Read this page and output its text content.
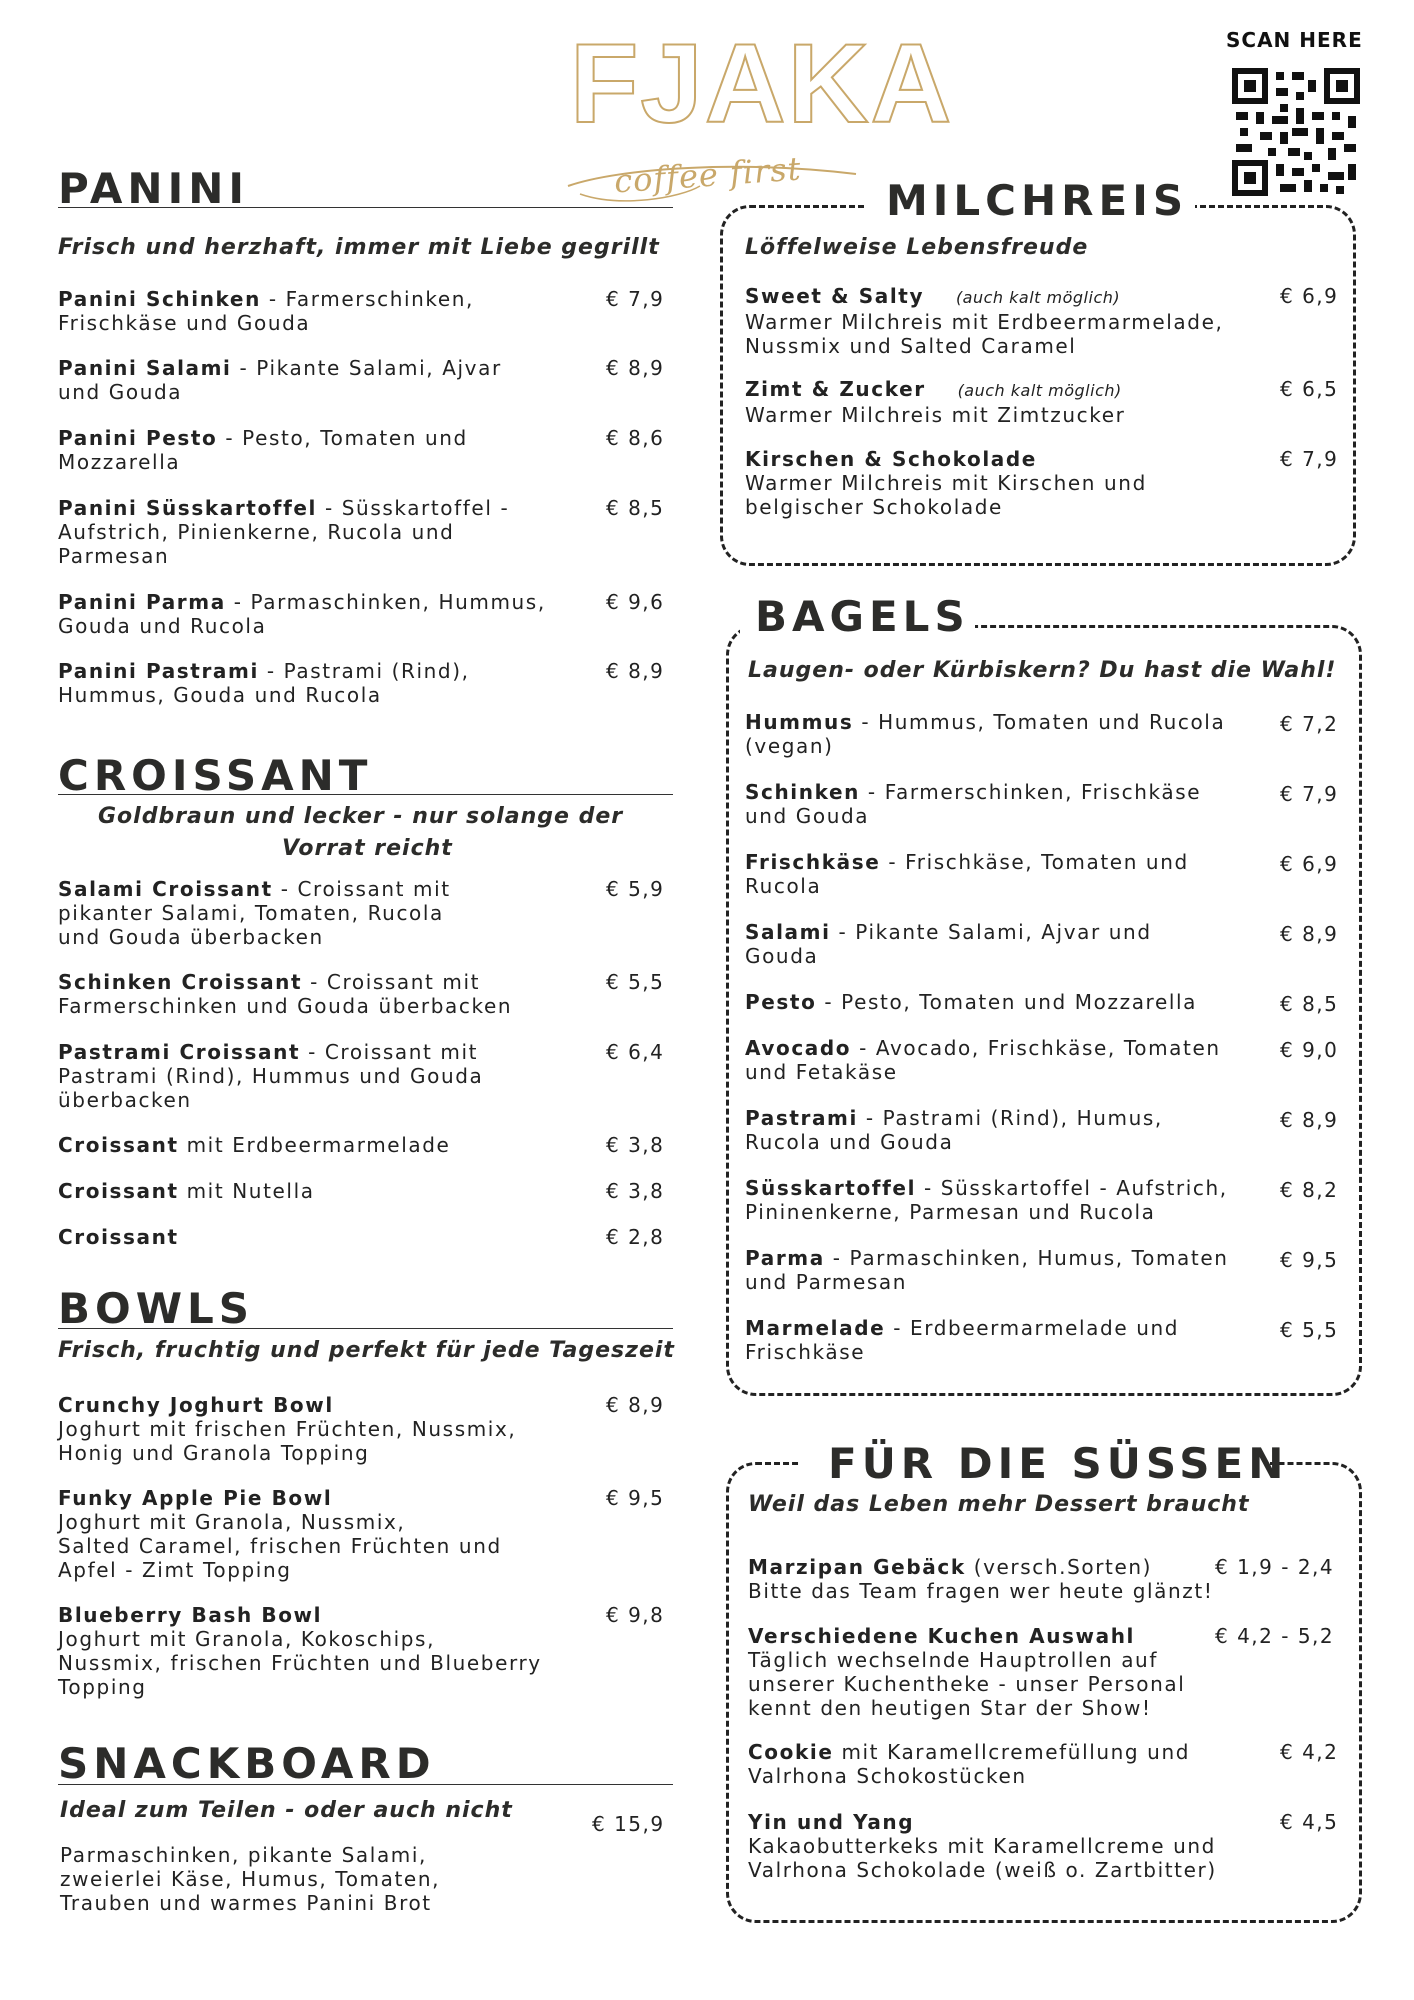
FJAKA
coffee first
SCAN HERE
PANINI
Frisch und herzhaft, immer mit Liebe gegrillt
Panini Schinken - Farmerschinken,
Frischkäse und Gouda
€ 7,9
Panini Salami - Pikante Salami, Ajvar
und Gouda
€ 8,9
Panini Pesto - Pesto, Tomaten und
Mozzarella
€ 8,6
Panini Süsskartoffel - Süsskartoffel -
Aufstrich, Pinienkerne, Rucola und
Parmesan
€ 8,5
Panini Parma - Parmaschinken, Hummus,
Gouda und Rucola
€ 9,6
Panini Pastrami - Pastrami (Rind),
Hummus, Gouda und Rucola
€ 8,9
CROISSANT
Goldbraun und lecker - nur solange der
Vorrat reicht
Salami Croissant - Croissant mit
pikanter Salami, Tomaten, Rucola
und Gouda überbacken
€ 5,9
Schinken Croissant - Croissant mit
Farmerschinken und Gouda überbacken
€ 5,5
Pastrami Croissant - Croissant mit
Pastrami (Rind), Hummus und Gouda
überbacken
€ 6,4
Croissant mit Erdbeermarmelade	€ 3,8
Croissant mit Nutella	€ 3,8
Croissant	€ 2,8
BOWLS
Frisch, fruchtig und perfekt für jede Tageszeit
Crunchy Joghurt Bowl
Joghurt mit frischen Früchten, Nussmix,
Honig und Granola Topping
€ 8,9
Funky Apple Pie Bowl
Joghurt mit Granola, Nussmix,
Salted Caramel, frischen Früchten und
Apfel - Zimt Topping
€ 9,5
Blueberry Bash Bowl
Joghurt mit Granola, Kokoschips,
Nussmix, frischen Früchten und Blueberry
Topping
€ 9,8
SNACKBOARD
Ideal zum Teilen - oder auch nicht
€ 15,9
Parmaschinken, pikante Salami,
zweierlei Käse, Humus, Tomaten,
Trauben und warmes Panini Brot
MILCHREIS
Löffelweise Lebensfreude
Sweet & Salty (auch kalt möglich)
Warmer Milchreis mit Erdbeermarmelade,
Nussmix und Salted Caramel
€ 6,9
Zimt & Zucker (auch kalt möglich)
Warmer Milchreis mit Zimtzucker
€ 6,5
Kirschen & Schokolade
Warmer Milchreis mit Kirschen und
belgischer Schokolade
€ 7,9
BAGELS
Laugen- oder Kürbiskern? Du hast die Wahl!
Hummus - Hummus, Tomaten und Rucola
(vegan)
€ 7,2
Schinken - Farmerschinken, Frischkäse
und Gouda
€ 7,9
Frischkäse - Frischkäse, Tomaten und
Rucola
€ 6,9
Salami - Pikante Salami, Ajvar und
Gouda
€ 8,9
Pesto - Pesto, Tomaten und Mozzarella	€ 8,5
Avocado - Avocado, Frischkäse, Tomaten
und Fetakäse
€ 9,0
Pastrami - Pastrami (Rind), Humus,
Rucola und Gouda
€ 8,9
Süsskartoffel - Süsskartoffel - Aufstrich,
Pininenkerne, Parmesan und Rucola
€ 8,2
Parma - Parmaschinken, Humus, Tomaten
und Parmesan
€ 9,5
Marmelade - Erdbeermarmelade und
Frischkäse
€ 5,5
FÜR DIE SÜSSEN
Weil das Leben mehr Dessert braucht
Marzipan Gebäck (versch.Sorten)
Bitte das Team fragen wer heute glänzt!
€ 1,9 - 2,4
Verschiedene Kuchen Auswahl
Täglich wechselnde Hauptrollen auf
unserer Kuchentheke - unser Personal
kennt den heutigen Star der Show!
€ 4,2 - 5,2
Cookie mit Karamellcremefüllung und
Valrhona Schokostücken
€ 4,2
Yin und Yang
Kakaobutterkeks mit Karamellcreme und
Valrhona Schokolade (weiß o. Zartbitter)
€ 4,5
